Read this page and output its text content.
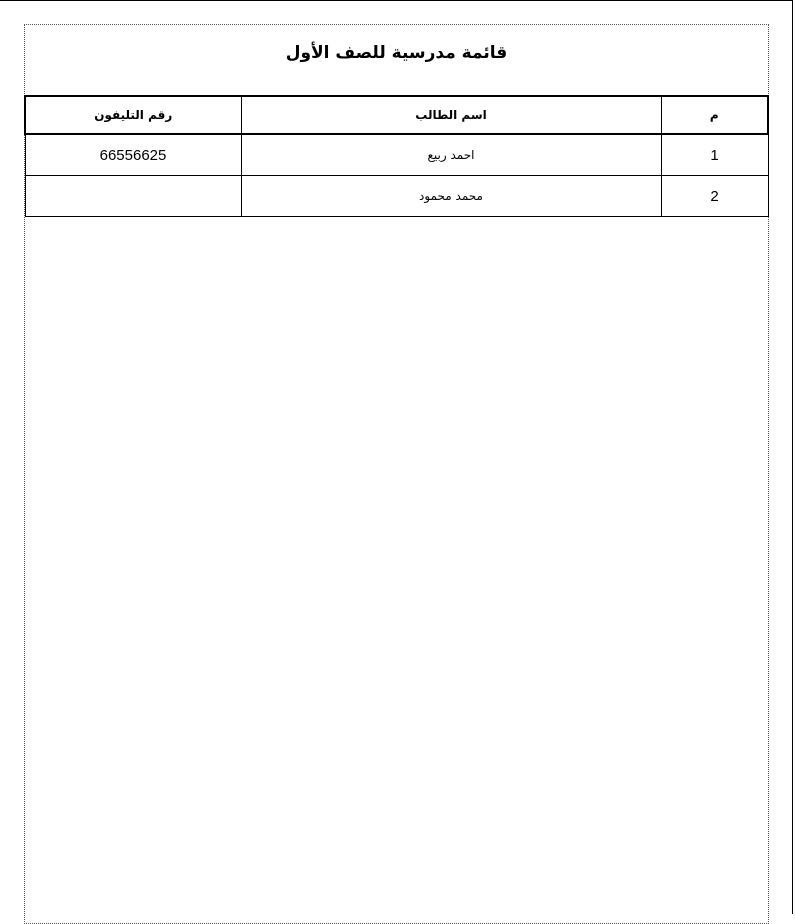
قائمة مدرسية للصف الأول
رقم التليفون	اسم الطالب	م
66556625	احمد ربيع	1
	محمد محمود	2
